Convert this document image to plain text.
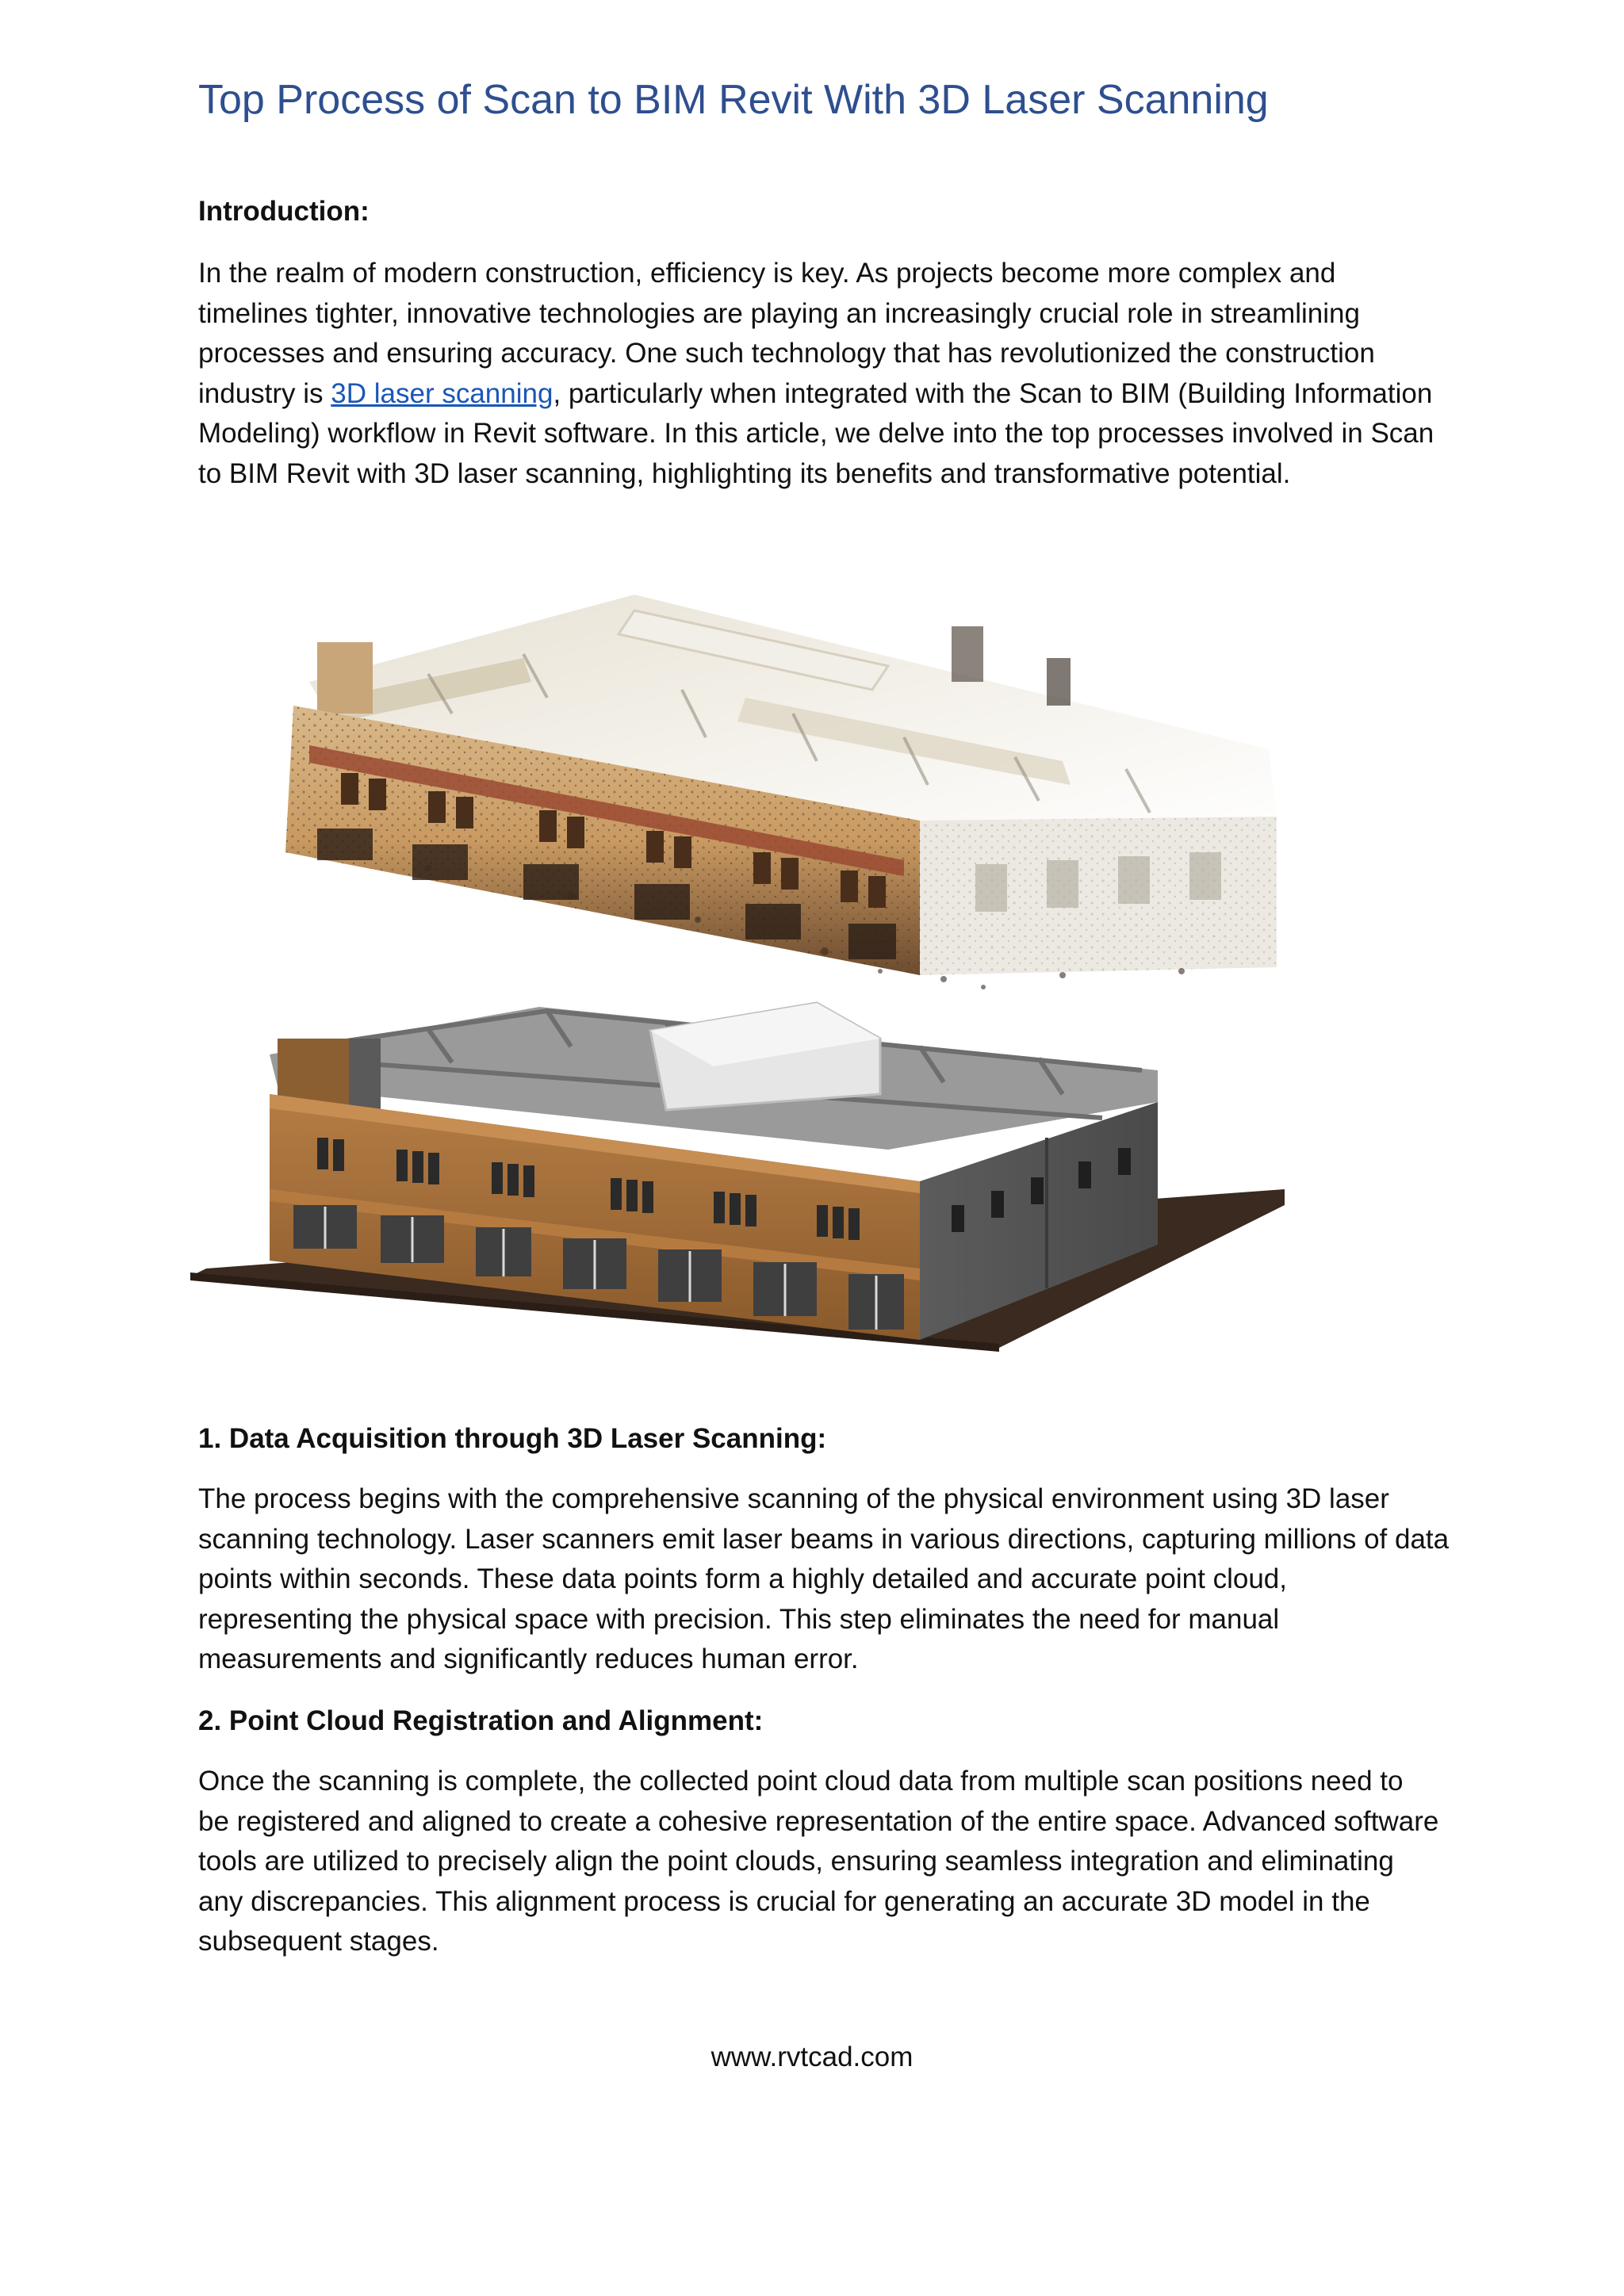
Top Process of Scan to BIM Revit With 3D Laser Scanning
Introduction:
In the realm of modern construction, efficiency is key. As projects become more complex and
timelines tighter, innovative technologies are playing an increasingly crucial role in streamlining
processes and ensuring accuracy. One such technology that has revolutionized the construction
industry is 3D laser scanning, particularly when integrated with the Scan to BIM (Building Information
Modeling) workflow in Revit software. In this article, we delve into the top processes involved in Scan
to BIM Revit with 3D laser scanning, highlighting its benefits and transformative potential.
1. Data Acquisition through 3D Laser Scanning:
The process begins with the comprehensive scanning of the physical environment using 3D laser
scanning technology. Laser scanners emit laser beams in various directions, capturing millions of data
points within seconds. These data points form a highly detailed and accurate point cloud,
representing the physical space with precision. This step eliminates the need for manual
measurements and significantly reduces human error.
2. Point Cloud Registration and Alignment:
Once the scanning is complete, the collected point cloud data from multiple scan positions need to
be registered and aligned to create a cohesive representation of the entire space. Advanced software
tools are utilized to precisely align the point clouds, ensuring seamless integration and eliminating
any discrepancies. This alignment process is crucial for generating an accurate 3D model in the
subsequent stages.
www.rvtcad.com
